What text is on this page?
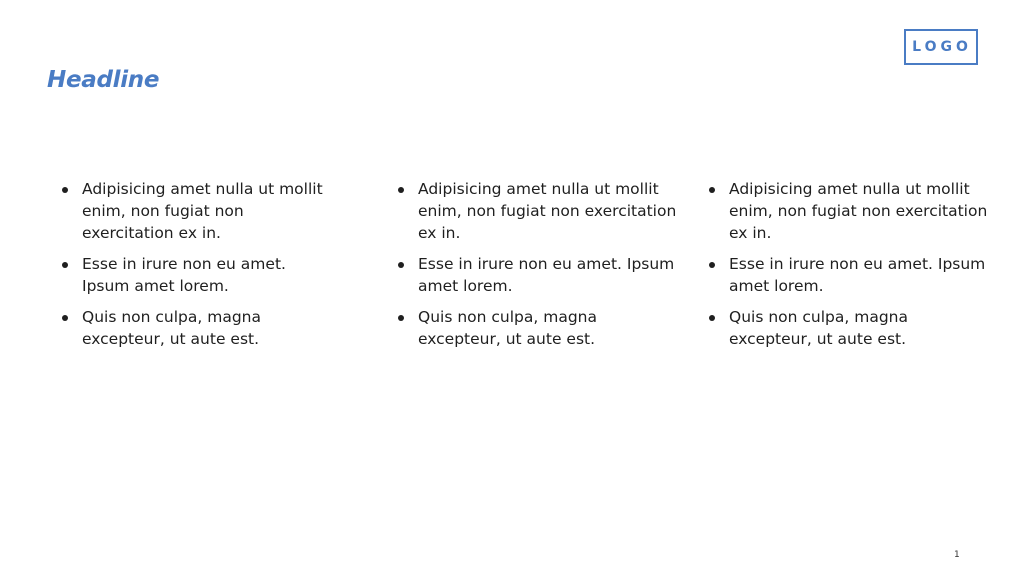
Headline
LOGO
Adipisicing amet nulla ut mollit enim, non fugiat non exercitation ex in.
Esse in irure non eu amet. Ipsum amet lorem.
Quis non culpa, magna excepteur, ut aute est.
Adipisicing amet nulla ut mollit enim, non fugiat non exercitation ex in.
Esse in irure non eu amet. Ipsum amet lorem.
Quis non culpa, magna excepteur, ut aute est.
Adipisicing amet nulla ut mollit enim, non fugiat non exercitation ex in.
Esse in irure non eu amet. Ipsum amet lorem.
Quis non culpa, magna excepteur, ut aute est.
1
